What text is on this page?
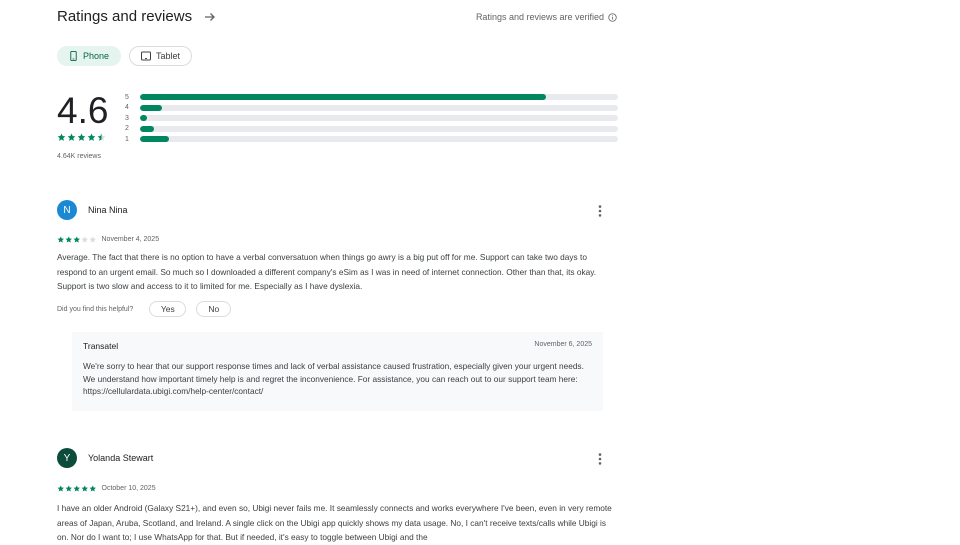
Ratings and reviews	Ratings and reviews are verified
Phone	Tablet
4.6
4.64K reviews
5
4
3
2
1
N	Nina Nina
November 4, 2025
Average. The fact that there is no option to have a verbal conversatuon when things go awry is a big put off for me. Support can take two days to respond to an urgent email. So much so I downloaded a different company's eSim as I was in need of internet connection. Other than that, its okay. Support is two slow and access to it to limited for me. Especially as I have dyslexia.
Did you find this helpful?	Yes	No
Transatel	November 6, 2025
We're sorry to hear that our support response times and lack of verbal assistance caused frustration, especially given your urgent needs. We understand how important timely help is and regret the inconvenience. For assistance, you can reach out to our support team here: https://cellulardata.ubigi.com/help-center/contact/
Y	Yolanda Stewart
October 10, 2025
I have an older Android (Galaxy S21+), and even so, Ubigi never fails me. It seamlessly connects and works everywhere I've been, even in very remote areas of Japan, Aruba, Scotland, and Ireland. A single click on the Ubigi app quickly shows my data usage. No, I can't receive texts/calls while Ubigi is on. Nor do I want to; I use WhatsApp for that. But if needed, it's easy to toggle between Ubigi and the
